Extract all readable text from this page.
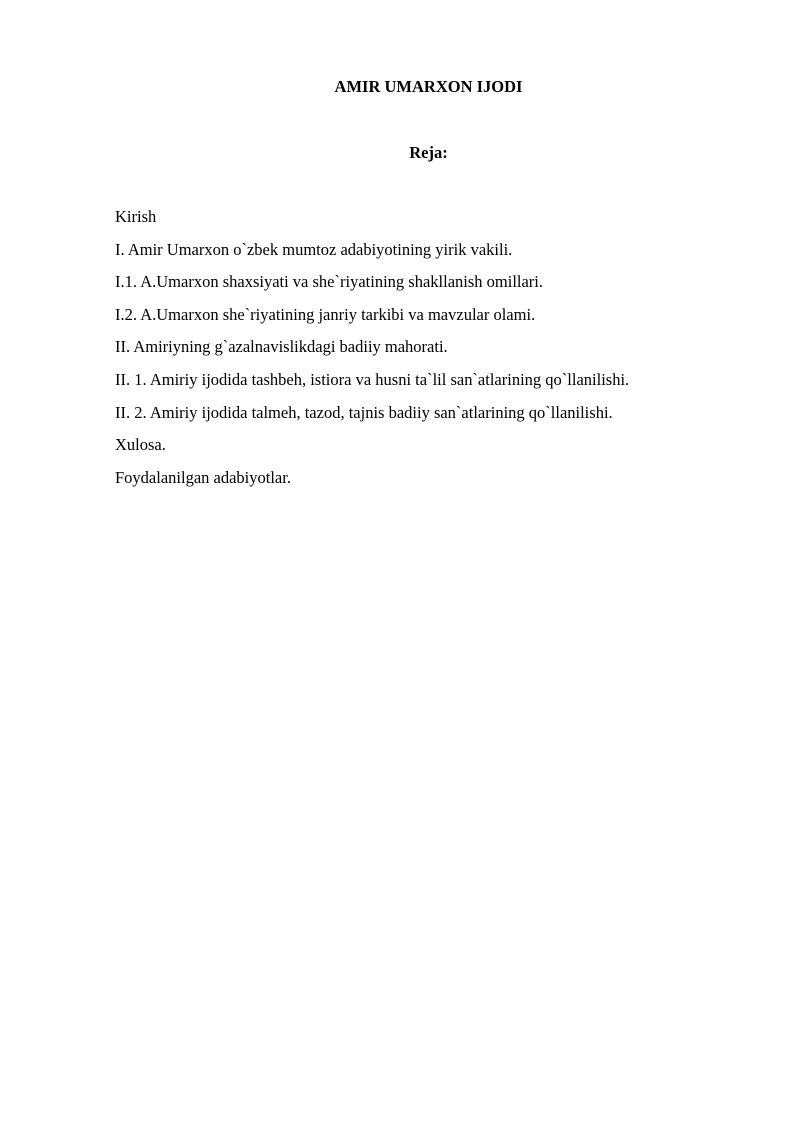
AMIR UMARXON IJODI
Reja:
Kirish
I. Amir Umarxon o`zbek mumtoz adabiyotining yirik vakili.
I.1. A.Umarxon shaxsiyati va she`riyatining shakllanish omillari.
I.2. A.Umarxon she`riyatining janriy tarkibi va mavzular olami.
II. Amiriyning g`azalnavislikdagi badiiy mahorati.
II. 1. Amiriy ijodida tashbeh, istiora va husni ta`lil san`atlarining qo`llanilishi.
II. 2. Amiriy ijodida talmeh, tazod, tajnis badiiy san`atlarining qo`llanilishi.
Xulosa.
Foydalanilgan adabiyotlar.
